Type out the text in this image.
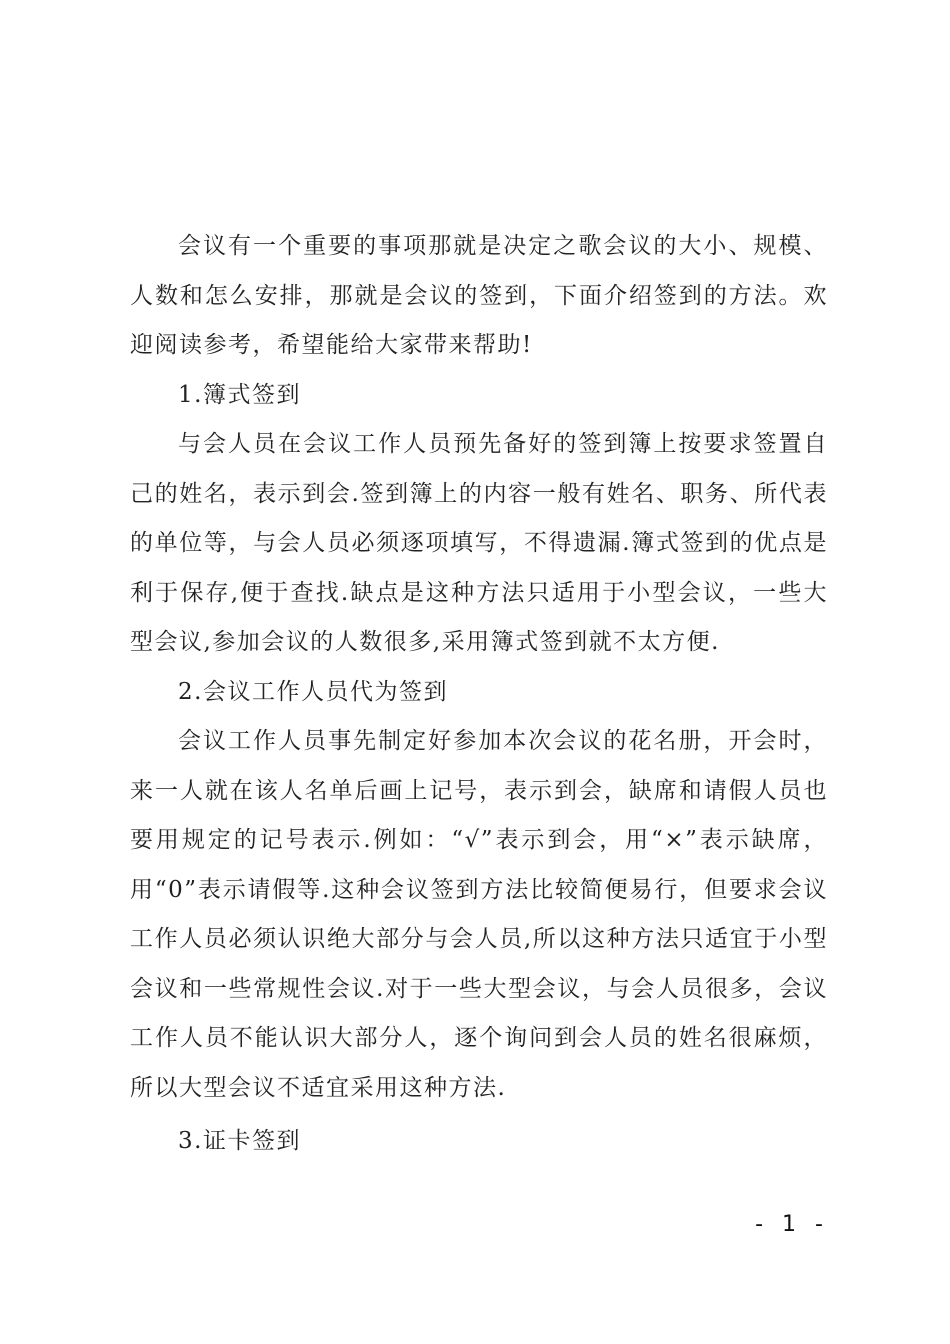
会议有一个重要的事项那就是决定之歌会议的大小、规模、人数和怎么安排，那就是会议的签到，下面介绍签到的方法。欢迎阅读参考，希望能给大家带来帮助!

1.簿式签到

与会人员在会议工作人员预先备好的签到簿上按要求签置自己的姓名，表示到会.签到簿上的内容一般有姓名、职务、所代表的单位等，与会人员必须逐项填写，不得遗漏.簿式签到的优点是利于保存,便于查找.缺点是这种方法只适用于小型会议，一些大型会议,参加会议的人数很多,采用簿式签到就不太方便.

2.会议工作人员代为签到

会议工作人员事先制定好参加本次会议的花名册，开会时，来一人就在该人名单后画上记号，表示到会，缺席和请假人员也要用规定的记号表示.例如：“√”表示到会，用“×”表示缺席，用“0”表示请假等.这种会议签到方法比较简便易行，但要求会议工作人员必须认识绝大部分与会人员,所以这种方法只适宜于小型会议和一些常规性会议.对于一些大型会议，与会人员很多，会议工作人员不能认识大部分人，逐个询问到会人员的姓名很麻烦，所以大型会议不适宜采用这种方法.

3.证卡签到

- 1 -
